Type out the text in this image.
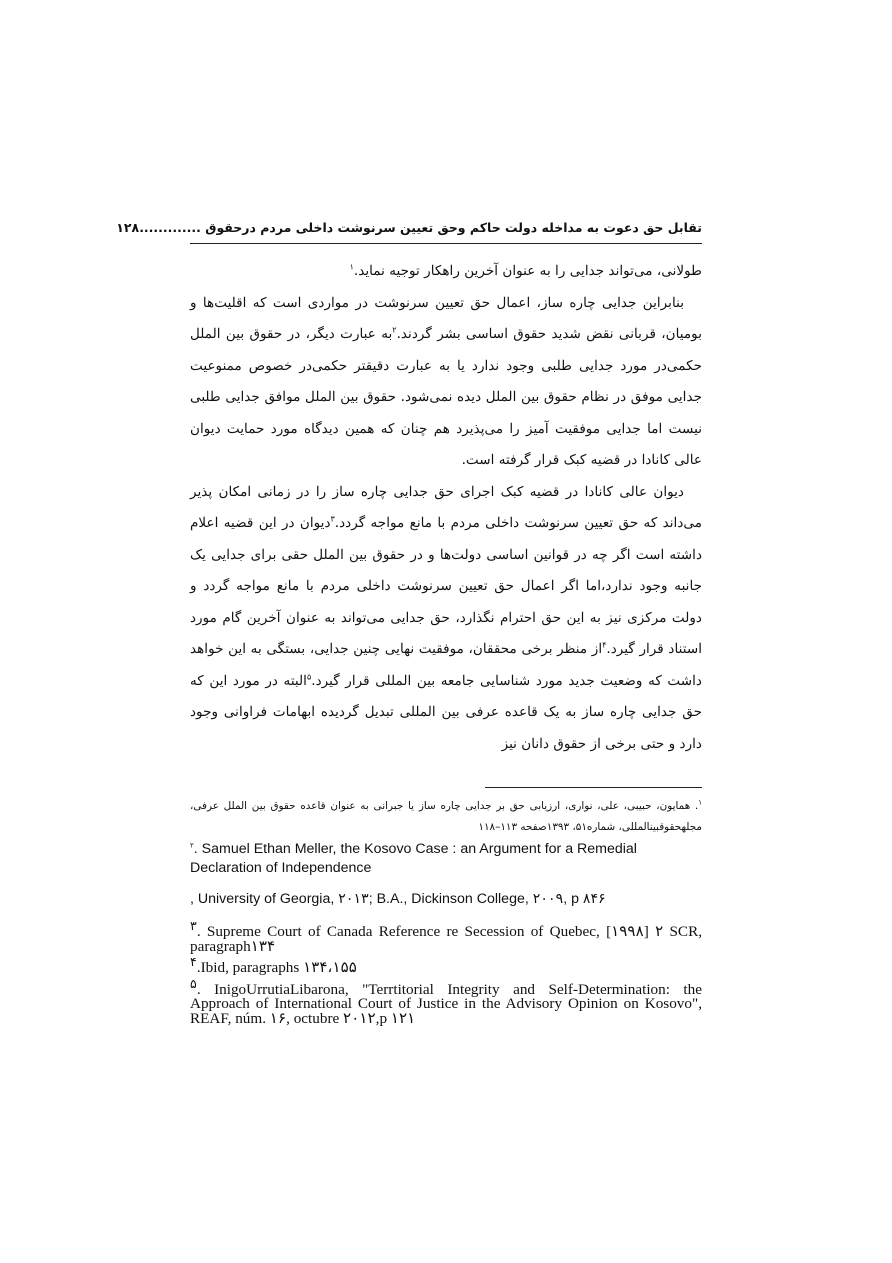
تقابل حق دعوت به مداخله دولت حاکم وحق تعیین سرنوشت داخلی مردم درحقوق .............۱۲۸

طولانی، می‌تواند جدایی را به عنوان آخرین راهکار توجیه نماید.$^۱$

بنابراین جدایی چاره ساز، اعمال حق تعیین سرنوشت در مواردی است که اقلیت‌ها و بومیان، قربانی نقض شدید حقوق اساسی بشر گردند.$^۲$به عبارت دیگر، در حقوق بین الملل حکمی‌در مورد جدایی طلبی وجود ندارد یا به عبارت دقیقتر حکمی‌در خصوص ممنوعیت جدایی موفق در نظام حقوق بین الملل دیده نمی‌شود. حقوق بین الملل موافق جدایی طلبی نیست اما جدایی موفقیت آمیز را می‌پذیرد هم چنان که همین دیدگاه مورد حمایت دیوان عالی کانادا در قضیه کبک قرار گرفته است.

دیوان عالی کانادا در قضیه کبک اجرای حق جدایی چاره ساز را در زمانی امکان پذیر می‌داند که حق تعیین سرنوشت داخلی مردم با مانع مواجه گردد.$^۳$دیوان در این قضیه اعلام داشته است اگر چه در قوانین اساسی دولت‌ها و در حقوق بین الملل حقی برای جدایی یک جانبه وجود ندارد،اما اگر اعمال حق تعیین سرنوشت داخلی مردم با مانع مواجه گردد و دولت مرکزی نیز به این حق احترام نگذارد، حق جدایی می‌تواند به عنوان آخرین گام مورد استناد قرار گیرد.$^۴$از منظر برخی محققان، موفقیت نهایی چنین جدایی، بستگی به این خواهد داشت که وضعیت جدید مورد شناسایی جامعه بین المللی قرار گیرد.$^۵$البته در مورد این که حق جدایی چاره ساز به یک قاعده عرفی بین المللی تبدیل گردیده ابهامات فراوانی وجود دارد و حتی برخی از حقوق دانان نیز

$^۱$. همایون، حبیبی، علی، نواری، ارزیابی حق بر جدایی چاره ساز یا جبرانی به عنوان قاعده حقوق بین الملل عرفی، مجلهحقوقبینالمللی، شماره۵۱، ۱۳۹۳صفحه ۱۱۳–۱۱۸
$^۲$. Samuel Ethan Meller, the Kosovo Case : an Argument for a Remedial Declaration of Independence
, University of Georgia, ۲۰۱۳; B.A., Dickinson College, ۲۰۰۹, p ۸۴۶
$^۳$. Supreme Court of Canada Reference re Secession of Quebec, [۱۹۹۸] ۲ SCR, paragraph۱۳۴
$^۴$.Ibid, paragraphs ۱۳۴،۱۵۵
$^۵$. InigoUrrutiaLibarona, "Terrtitorial Integrity and Self-Determination: the Approach of International Court of Justice in the Advisory Opinion on Kosovo", REAF, núm. ۱۶, octubre ۲۰۱۲,p ۱۲۱
